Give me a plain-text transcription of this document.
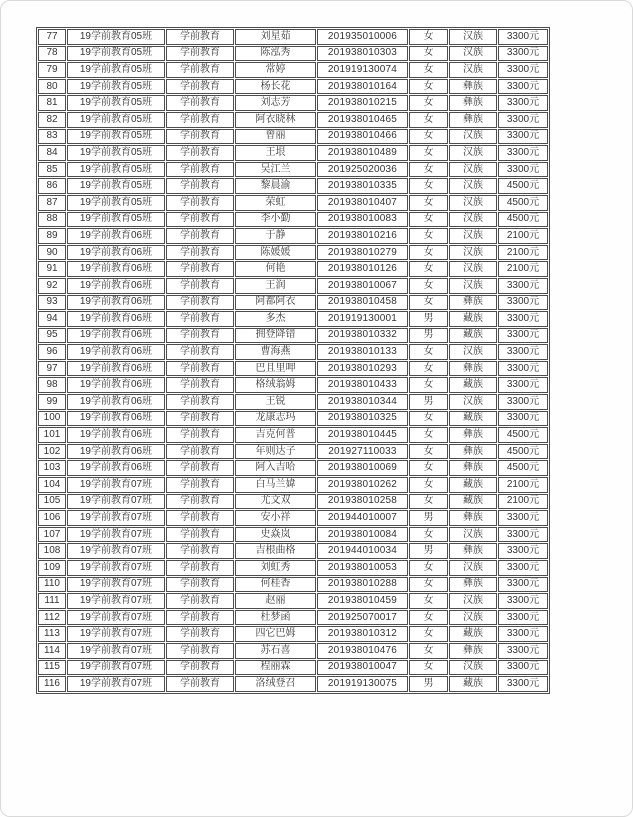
77	19学前教育05班	学前教育	刘星茹	201935010006	女	汉族	3300元
78	19学前教育05班	学前教育	陈泓秀	201938010303	女	汉族	3300元
79	19学前教育05班	学前教育	常婷	201919130074	女	汉族	3300元
80	19学前教育05班	学前教育	杨长花	201938010164	女	彝族	3300元
81	19学前教育05班	学前教育	刘志芳	201938010215	女	彝族	3300元
82	19学前教育05班	学前教育	阿衣晓林	201938010465	女	彝族	3300元
83	19学前教育05班	学前教育	曾丽	201938010466	女	汉族	3300元
84	19学前教育05班	学前教育	王垠	201938010489	女	汉族	3300元
85	19学前教育05班	学前教育	吴江兰	201925020036	女	汉族	3300元
86	19学前教育05班	学前教育	黎晨渝	201938010335	女	汉族	4500元
87	19学前教育05班	学前教育	荣虹	201938010407	女	汉族	4500元
88	19学前教育05班	学前教育	李小勤	201938010083	女	汉族	4500元
89	19学前教育06班	学前教育	于静	201938010216	女	汉族	2100元
90	19学前教育06班	学前教育	陈媛媛	201938010279	女	汉族	2100元
91	19学前教育06班	学前教育	何艳	201938010126	女	汉族	2100元
92	19学前教育06班	学前教育	王润	201938010067	女	汉族	3300元
93	19学前教育06班	学前教育	阿都阿衣	201938010458	女	彝族	3300元
94	19学前教育06班	学前教育	多杰	201919130001	男	藏族	3300元
95	19学前教育06班	学前教育	拥登降错	201938010332	男	藏族	3300元
96	19学前教育06班	学前教育	曹海燕	201938010133	女	汉族	3300元
97	19学前教育06班	学前教育	巴且里呷	201938010293	女	彝族	3300元
98	19学前教育06班	学前教育	格绒翁姆	201938010433	女	藏族	3300元
99	19学前教育06班	学前教育	王锐	201938010344	男	汉族	3300元
100	19学前教育06班	学前教育	龙康志玛	201938010325	女	藏族	3300元
101	19学前教育06班	学前教育	吉克何普	201938010445	女	彝族	4500元
102	19学前教育06班	学前教育	年则达子	201927110033	女	彝族	4500元
103	19学前教育06班	学前教育	阿入吉哈	201938010069	女	彝族	4500元
104	19学前教育07班	学前教育	白马兰媁	201938010262	女	藏族	2100元
105	19学前教育07班	学前教育	尤文双	201938010258	女	藏族	2100元
106	19学前教育07班	学前教育	安小祥	201944010007	男	彝族	3300元
107	19学前教育07班	学前教育	史焱岚	201938010084	女	汉族	3300元
108	19学前教育07班	学前教育	吉根曲格	201944010034	男	彝族	3300元
109	19学前教育07班	学前教育	刘虹秀	201938010053	女	汉族	3300元
110	19学前教育07班	学前教育	何桂香	201938010288	女	彝族	3300元
111	19学前教育07班	学前教育	赵丽	201938010459	女	汉族	3300元
112	19学前教育07班	学前教育	杜梦函	201925070017	女	汉族	3300元
113	19学前教育07班	学前教育	四它巴姆	201938010312	女	藏族	3300元
114	19学前教育07班	学前教育	苏石喜	201938010476	女	彝族	3300元
115	19学前教育07班	学前教育	程丽霖	201938010047	女	汉族	3300元
116	19学前教育07班	学前教育	洛绒登召	201919130075	男	藏族	3300元
